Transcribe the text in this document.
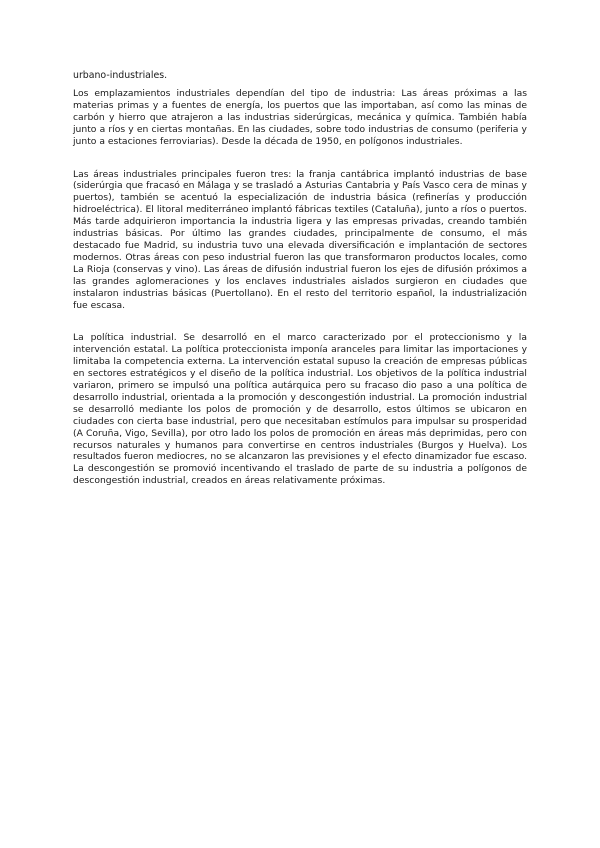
urbano-industriales.

Los emplazamientos industriales dependían del tipo de industria: Las áreas próximas a las materias primas y a fuentes de energía, los puertos que las importaban, así como las minas de carbón y hierro que atrajeron a las industrias siderúrgicas, mecánica y química. También había junto a ríos y en ciertas montañas. En las ciudades, sobre todo industrias de consumo (periferia y junto a estaciones ferroviarias). Desde la década de 1950, en polígonos industriales.

Las áreas industriales principales fueron tres: la franja cantábrica implantó industrias de base (siderúrgia que fracasó en Málaga y se trasladó a Asturias Cantabria y País Vasco cera de minas y puertos), también se acentuó la especialización de industria básica (refinerías y producción hidroeléctrica). El litoral mediterráneo implantó fábricas textiles (Cataluña), junto a ríos o puertos. Más tarde adquirieron importancia la industria ligera y las empresas privadas, creando también industrias básicas. Por último las grandes ciudades, principalmente de consumo, el más destacado fue Madrid, su industria tuvo una elevada diversificación e implantación de sectores modernos. Otras áreas con peso industrial fueron las que transformaron productos locales, como La Rioja (conservas y vino). Las áreas de difusión industrial fueron los ejes de difusión próximos a las grandes aglomeraciones y los enclaves industriales aislados surgieron en ciudades que instalaron industrias básicas (Puertollano). En el resto del territorio español, la industrialización fue escasa.

La política industrial. Se desarrolló en el marco caracterizado por el proteccionismo y la intervención estatal. La política proteccionista imponía aranceles para limitar las importaciones y limitaba la competencia externa. La intervención estatal supuso la creación de empresas públicas en sectores estratégicos y el diseño de la política industrial. Los objetivos de la política industrial variaron, primero se impulsó una política autárquica pero su fracaso dio paso a una política de desarrollo industrial, orientada a la promoción y descongestión industrial. La promoción industrial se desarrolló mediante los polos de promoción y de desarrollo, estos últimos se ubicaron en ciudades con cierta base industrial, pero que necesitaban estímulos para impulsar su prosperidad (A Coruña, Vigo, Sevilla), por otro lado los polos de promoción en áreas más deprimidas, pero con recursos naturales y humanos para convertirse en centros industriales (Burgos y Huelva). Los resultados fueron mediocres, no se alcanzaron las previsiones y el efecto dinamizador fue escaso. La descongestión se promovió incentivando el traslado de parte de su industria a polígonos de descongestión industrial, creados en áreas relativamente próximas.
